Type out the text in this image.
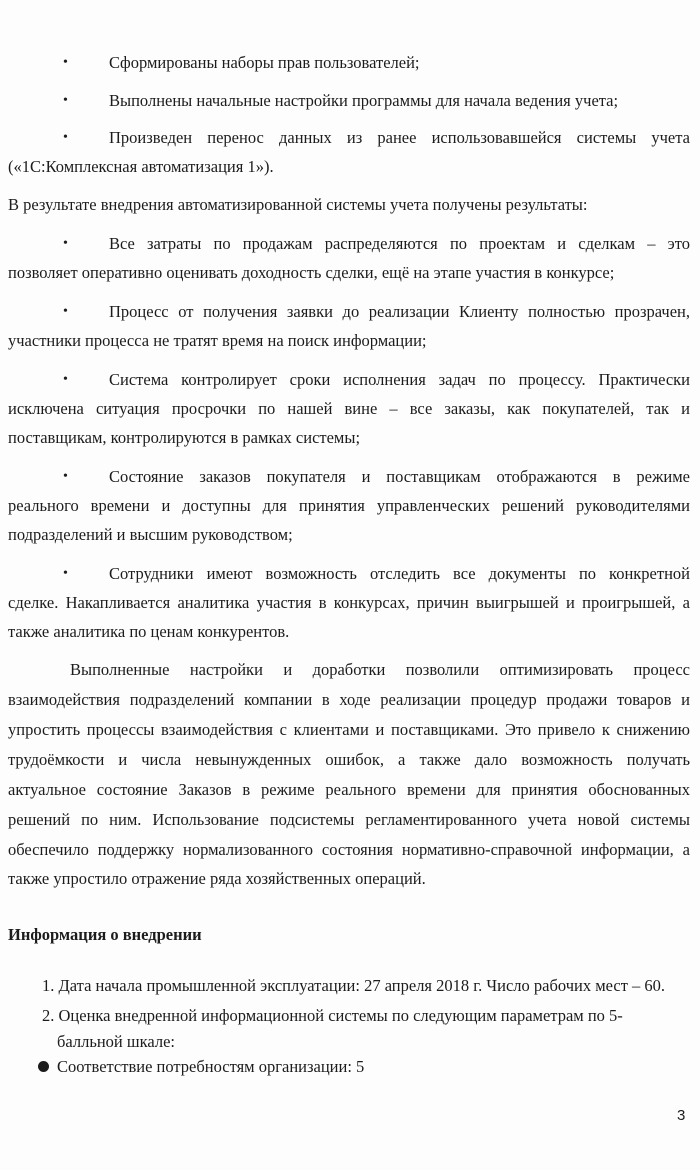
•	Сформированы наборы прав пользователей;

•	Выполнены начальные настройки программы для начала ведения учета;

•	Произведен перенос данных из ранее использовавшейся системы учета

(«1С:Комплексная автоматизация 1»).

В результате внедрения автоматизированной системы учета получены результаты:

•	Все затраты по продажам распределяются по проектам и сделкам – это

позволяет оперативно оценивать доходность сделки, ещё на этапе участия в конкурсе;

•	Процесс от получения заявки до реализации Клиенту полностью прозрачен,

участники процесса не тратят время на поиск информации;

•	Система контролирует сроки исполнения задач по процессу. Практически

исключена ситуация просрочки по нашей вине – все заказы, как покупателей, так и

поставщикам, контролируются в рамках системы;

•	Состояние заказов покупателя и поставщикам отображаются в режиме

реального времени и доступны для принятия управленческих решений руководителями

подразделений и высшим руководством;

•	Сотрудники имеют возможность отследить все документы по конкретной

сделке. Накапливается аналитика участия в конкурсах, причин выигрышей и проигрышей, а

также аналитика по ценам конкурентов.

Выполненные настройки и доработки позволили оптимизировать процесс

взаимодействия подразделений компании в ходе реализации процедур продажи товаров и

упростить процессы взаимодействия с клиентами и поставщиками. Это привело к снижению

трудоёмкости и числа невынужденных ошибок, а также дало возможность получать

актуальное состояние Заказов в режиме реального времени для принятия обоснованных

решений по ним. Использование подсистемы регламентированного учета новой системы

обеспечило поддержку нормализованного состояния нормативно-справочной информации, а

также упростило отражение ряда хозяйственных операций.

Информация о внедрении

1. Дата начала промышленной эксплуатации: 27 апреля 2018 г. Число рабочих мест – 60.

2. Оценка внедренной информационной системы по следующим параметрам по 5-

балльной шкале:

Соответствие потребностям организации: 5

3
